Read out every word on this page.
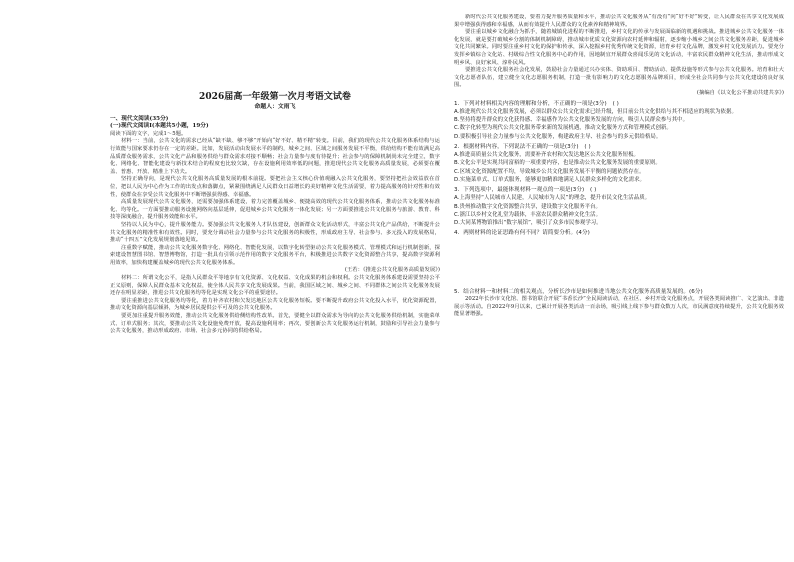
2026届高一年级第一次月考语文试卷
命题人：文雨飞
一、现代文阅读(35分)
(一)现代文阅读Ⅰ(本题共5小题，19分)

阅读下面的文字，完成1～5题。

材料一：当前，公共文化的需求已经从“缺不缺、够不够”开始向“好不好、精不精”转变。目前，我们的现代公共文化服务体系结构与运行效能与国家要求仍存在一定的差距。比如，发展活动由发展水平的制约，城乡之间、区域之间服务发展不平衡，供给结构不能有效满足高品质群众服务需求，公共文化产品和服务供给与群众需求对接不顺畅；社会力量参与度有待提升；社会参与的保障机制尚未完全建立，数字化、网络化、智能化建设与新技术结合的程度也比较欠缺，存在设施利用效率低的问题，推进现代公共文化服务高质量发展，必须要在覆盖、普惠、开放、精准上下功夫。

坚持正确导向，是现代公共文化服务高质量发展的根本前提。要把社会主义核心价值观融入公共文化服务，要坚持把社会效益放在首位，把以人民为中心作为工作的出发点和落脚点，紧紧围绕满足人民群众日益增长的美好精神文化生活需要，着力提高服务的针对性和有效性，使群众在享受公共文化服务中不断增强获得感、幸福感。

高质量发展现代公共文化服务，还需要加强体系建设，着力完善覆盖城乡、便捷高效的现代公共文化服务体系，推动公共文化服务标准化、均等化。一方面要推动服务设施网络向基层延伸，促进城乡公共文化服务一体化发展；另一方面要推进公共文化服务与旅游、教育、科技等深度融合，提升服务效能和水平。

坚持以人民为中心，提升服务能力。要加强公共文化服务人才队伍建设，创新群众文化活动形式，丰富公共文化产品供给，不断提升公共文化服务的精准性和有效性。同时，要充分调动社会力量参与公共文化服务的积极性，形成政府主导、社会参与、多元投入的发展格局，推动“十四五”文化发展规划落地见效。

注重数字赋能，推动公共文化服务数字化、网络化、智能化发展，以数字化转型驱动公共文化服务模式、管理模式和运行机制创新，探索建设智慧图书馆、智慧博物馆，打造一批具有引领示范作用的数字文化服务平台，积极推进公共数字文化资源整合共享，提高数字资源利用效率，加快构建覆盖城乡的现代公共文化服务体系。

(王若：《推进公共文化服务高质量发展》)

材料二：所谓文化公平，是指人民群众平等地享有文化资源、文化权益、文化成果的机会和权利。公共文化服务体系建设需要坚持公平正义原则，保障人民群众基本文化权益，使全体人民共享文化发展成果。当前，我国区域之间、城乡之间、不同群体之间公共文化服务发展还存在明显差距，推进公共文化服务均等化是实现文化公平的重要途径。

要注重推进公共文化服务均等化，着力补齐农村和欠发达地区公共文化服务短板。要不断提升政府公共文化投入水平，优化资源配置，推动文化资源向基层倾斜，为城乡居民提供公平可及的公共文化服务。

要更加注重提升服务效能，推动公共文化服务供给侧结构性改革。首先，要健全以群众需求为导向的公共文化服务供给机制，实施菜单式、订单式服务；其次，要推动公共文化设施免费开放，提高设施利用率；再次，要创新公共文化服务运行机制，鼓励和引导社会力量参与公共文化服务，推动形成政府、市场、社会多元协同的供给格局。

新时代公共文化服务建设，要着力提升服务质量和水平，推动公共文化服务从“有没有”向“好不好”转变，让人民群众在共享文化发展成果中增强获得感和幸福感，从而有效提升人民群众的文化素养和精神境界。

要注重以城乡文化融合为抓手，随着城镇化进程的不断推进，乡村文化的传承与发展面临新的机遇和挑战。推进城乡公共文化服务一体化发展，就是要打破城乡分割的体制机制障碍，推动城市优质文化资源向农村延伸和辐射，逐步缩小城乡之间公共文化服务差距，促进城乡文化共同繁荣。同时要注重乡村文化的保护和传承，深入挖掘乡村优秀传统文化资源，培育乡村文化品牌，激发乡村文化发展活力。要充分发挥乡镇综合文化站、村级综合性文化服务中心的作用，因地制宜开展群众喜闻乐见的文化活动，丰富农民群众精神文化生活，推动形成文明乡风、良好家风、淳朴民风。

要推进公共文化服务社会化发展，鼓励社会力量通过兴办实体、资助项目、赞助活动、提供设施等形式参与公共文化服务。培育和壮大文化志愿者队伍，建立健全文化志愿服务机制，打造一批有影响力的文化志愿服务品牌项目，形成全社会共同参与公共文化建设的良好氛围。

(摘编自《以文化公平推动共建共享》)

1．下列对材料相关内容的理解和分析，不正确的一项是(3分) ( )

A.推进现代公共文化服务发展，必须以群众公共文化需求已经升级，但目前公共文化供给与其不相适应的现状为依据。

B.坚持将提升群众的文化获得感、幸福感作为公共文化服务发展的方向，吸引人民群众参与其中。

C.数字化转型为现代公共文化服务带来新的发展机遇，推动文化服务方式和管理模式创新。

D.要积极引导社会力量参与公共文化服务，构建政府主导、社会参与的多元供给格局。

2．根据材料内容，下列说法不正确的一项是(3分) ( )

A.推进高质量公共文化服务，需要补齐农村和欠发达地区公共文化服务短板。

B.文化公平是实现共同富裕的一项重要内容，也是推动公共文化服务发展的重要原则。

C.区域文化资源配置不均，导致城乡公共文化服务发展不平衡的问题依然存在。

D.实施菜单式、订单式服务，能够更加精准地满足人民群众多样化的文化需求。

3．下列选项中，最能体现材料一观点的一项是(3分) ( )

A.上海坚持“人民城市人民建，人民城市为人民”的理念，提升市民文化生活品质。

B.贵州推动数字文化资源整合共享，建设数字文化服务平台。

C.浙江以乡村文化礼堂为载体，丰富农民群众精神文化生活。

D.大同某博物馆推出“数字展馆”，吸引了众多市民参观学习。

4．两则材料的论证思路有何不同？请简要分析。(4分)
5．结合材料一和材料二的相关观点，分析长沙市是如何推进当地公共文化服务高质量发展的。(6分)

2022年长沙市文化馆、图书馆联合开展“书香长沙”全民阅读活动，在社区、乡村开设文化服务点，开展各类阅读推广、文艺演出、非遗展示等活动。自2022年9月以来，已累计开展各类活动一百余场，吸引线上线下参与群众数万人次，市民满意度持续提升，公共文化服务效能显著增强。
